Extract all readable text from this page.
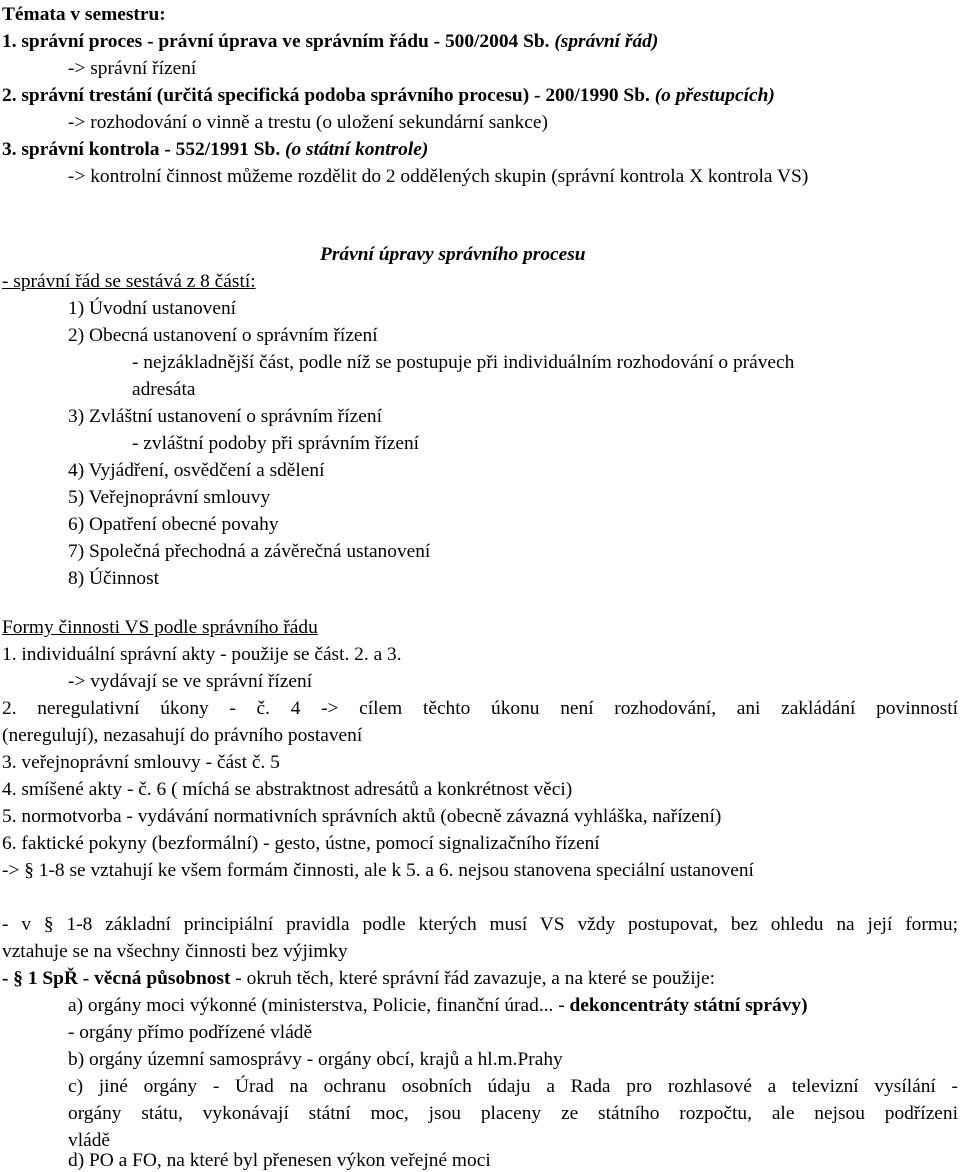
Témata v semestru:
1. správní proces - právní úprava ve správním řádu - 500/2004 Sb. (správní řád)
-> správní řízení
2. správní trestání (určitá specifická podoba správního procesu) - 200/1990 Sb. (o přestupcích)
-> rozhodování o vinně a trestu (o uložení sekundární sankce)
3. správní kontrola - 552/1991 Sb. (o státní kontrole)
-> kontrolní činnost můžeme rozdělit do 2 oddělených skupin (správní kontrola X kontrola VS)
Právní úpravy správního procesu
- správní řád se sestává z 8 částí:
1) Úvodní ustanovení
2) Obecná ustanovení o správním řízení
- nejzákladnější část, podle níž se postupuje při individuálním rozhodování o právech
adresáta
3) Zvláštní ustanovení o správním řízení
- zvláštní podoby při správním řízení
4) Vyjádření, osvědčení a sdělení
5) Veřejnoprávní smlouvy
6) Opatření obecné povahy
7) Společná přechodná a závěrečná ustanovení
8) Účinnost
Formy činnosti VS podle správního řádu
1. individuální správní akty - použije se část. 2. a 3.
-> vydávají se ve správní řízení
2. neregulativní úkony - č. 4 -> cílem těchto úkonu není rozhodování, ani zakládání povinností
(neregulují), nezasahují do právního postavení
3. veřejnoprávní smlouvy - část č. 5
4. smíšené akty - č. 6 ( míchá se abstraktnost adresátů a konkrétnost věci)
5. normotvorba - vydávání normativních správních aktů (obecně závazná vyhláška, nařízení)
6. faktické pokyny (bezformální) - gesto, ústne, pomocí signalizačního řízení
-> § 1-8 se vztahují ke všem formám činnosti, ale k 5. a 6. nejsou stanovena speciální ustanovení
- v § 1-8 základní principiální pravidla podle kterých musí VS vždy postupovat, bez ohledu na její formu;
vztahuje se na všechny činnosti bez výjimky
- § 1 SpŘ - věcná působnost - okruh těch, které správní řád zavazuje, a na které se použije:
a) orgány moci výkonné (ministerstva, Policie, finanční úrad... - dekoncentráty státní správy)
- orgány přímo podřízené vládě
b) orgány územní samosprávy - orgány obcí, krajů a hl.m.Prahy
c) jiné orgány - Úrad na ochranu osobních údaju a Rada pro rozhlasové a televizní vysílání -
orgány státu, vykonávají státní moc, jsou placeny ze státního rozpočtu, ale nejsou podřízeni
vládě
d) PO a FO, na které byl přenesen výkon veřejné moci
